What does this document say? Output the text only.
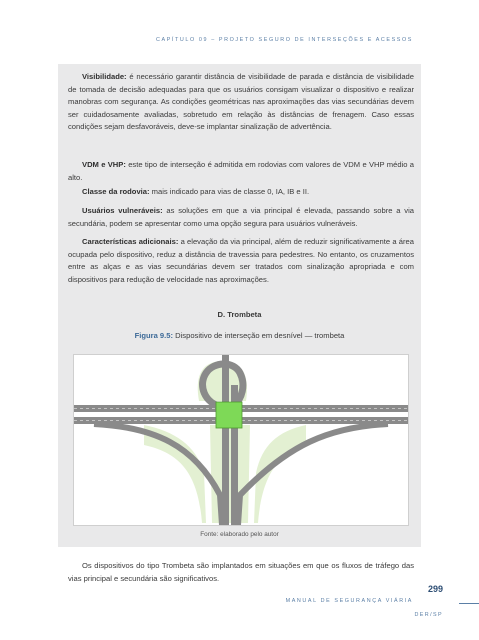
CAPÍTULO 09 – PROJETO SEGURO DE INTERSEÇÕES E ACESSOS

Visibilidade: é necessário garantir distância de visibilidade de parada e distância de visibilidade de tomada de decisão adequadas para que os usuários consigam visualizar o dispositivo e realizar manobras com segurança. As condições geométricas nas aproximações das vias secundárias devem ser cuidadosamente avaliadas, sobretudo em relação às distâncias de frenagem. Caso essas condições sejam desfavoráveis, deve-se implantar sinalização de advertência.

VDM e VHP: este tipo de interseção é admitida em rodovias com valores de VDM e VHP médio a alto.

Classe da rodovia: mais indicado para vias de classe 0, IA, IB e II.

Usuários vulneráveis: as soluções em que a via principal é elevada, passando sobre a via secundária, podem se apresentar como uma opção segura para usuários vulneráveis.

Características adicionais: a elevação da via principal, além de reduzir significativamente a área ocupada pelo dispositivo, reduz a distância de travessia para pedestres. No entanto, os cruzamentos entre as alças e as vias secundárias devem ser tratados com sinalização apropriada e com dispositivos para redução de velocidade nas aproximações.

D. Trombeta
Figura 9.5: Dispositivo de interseção em desnível — trombeta
Fonte: elaborado pelo autor

Os dispositivos do tipo Trombeta são implantados em situações em que os fluxos de tráfego das vias principal e secundária são significativos.

299
MANUAL DE SEGURANÇA VIÁRIA
DER/SP
